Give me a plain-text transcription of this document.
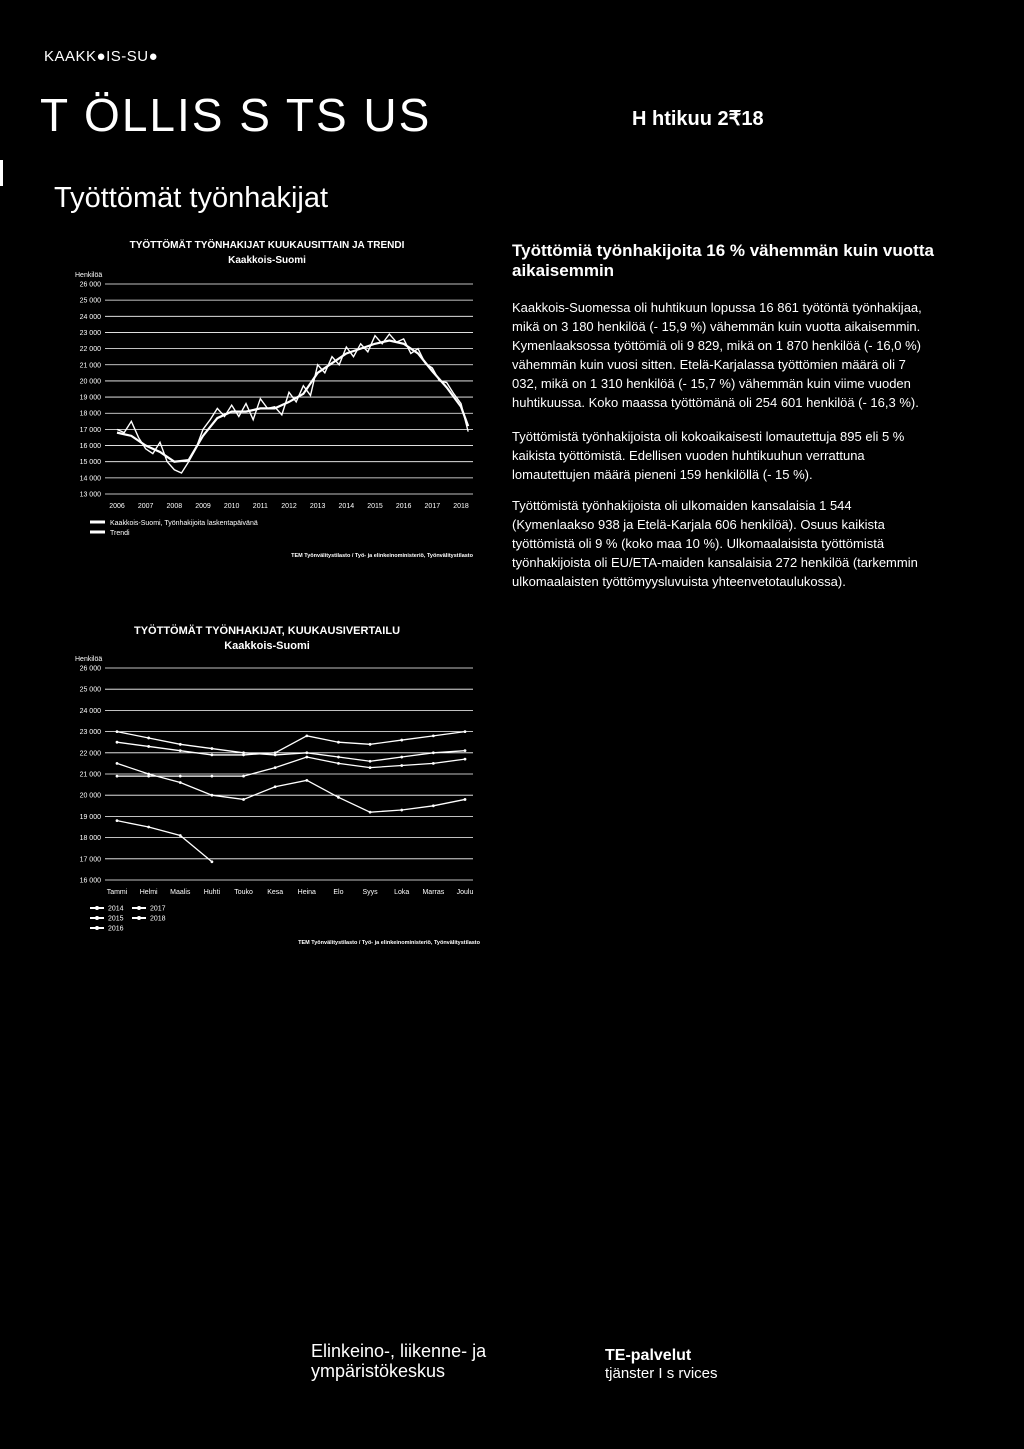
KAAKK●IS-SU●
T ÖLLIS S TS US	H htikuu 2₹18
Työttömät työnhakijat
TYÖTTÖMÄT TYÖNHAKIJAT KUUKAUSITTAIN JA TRENDI
Kaakkois-Suomi
Henkilöä
26 000
25 000
24 000
23 000
22 000
21 000
20 000
19 000
18 000
17 000
16 000
15 000
14 000
13 000
2006 2007 2008 2009 2010 2011 2012 2013 2014 2015 2016 2017 2018
Kaakkois-Suomi, Työnhakijoita laskentapäivänä
Trendi
TEM Työnvälitystilasto / Työ- ja elinkeinoministeriö, Työnvälitystilasto
TYÖTTÖMÄT TYÖNHAKIJAT, KUUKAUSIVERTAILU
Kaakkois-Suomi
Henkilöä
26 000
25 000
24 000
23 000
22 000
21 000
20 000
19 000
18 000
17 000
16 000
Tammi Helmi Maalis Huhti Touko Kesa Heina Elo	Syys Loka Marras Joulu
2014
2015
2016
2017
2018
TEM Työnvälitystilasto / Työ- ja elinkeinoministeriö, Työnvälitystilasto
Työttömiä työnhakijoita 16 % vähemmän kuin vuotta aikaisemmin
Kaakkois-Suomessa oli huhtikuun lopussa 16 861 työtöntä työnhakijaa, mikä on 3 180 henkilöä (- 15,9 %) vähemmän kuin vuotta aikaisemmin. Kymenlaaksossa työttömiä oli 9 829, mikä on 1 870 henkilöä (- 16,0 %) vähemmän kuin vuosi sitten. Etelä-Karjalassa työttömien määrä oli 7 032, mikä on 1 310 henkilöä (- 15,7 %) vähemmän kuin viime vuoden huhtikuussa. Koko maassa työttömänä oli 254 601 henkilöä (- 16,3 %).
Työttömistä työnhakijoista oli kokoaikaisesti lomautettuja 895 eli 5 % kaikista työttömistä. Edellisen vuoden huhtikuuhun verrattuna lomautettujen määrä pieneni 159 henkilöllä (- 15 %).
Työttömistä työnhakijoista oli ulkomaiden kansalaisia 1 544 (Kymenlaakso 938 ja Etelä-Karjala 606 henkilöä). Osuus kaikista työttömistä oli 9 % (koko maa 10 %). Ulkomaalaisista työttömistä työnhakijoista oli EU/ETA-maiden kansalaisia 272 henkilöä (tarkemmin ulkomaalaisten työttömyysluvuista yhteenvetotaulukossa).
Elinkeino-, liikenne- ja
ympäristökeskus
TE-palvelut
tjänster I s rvices
